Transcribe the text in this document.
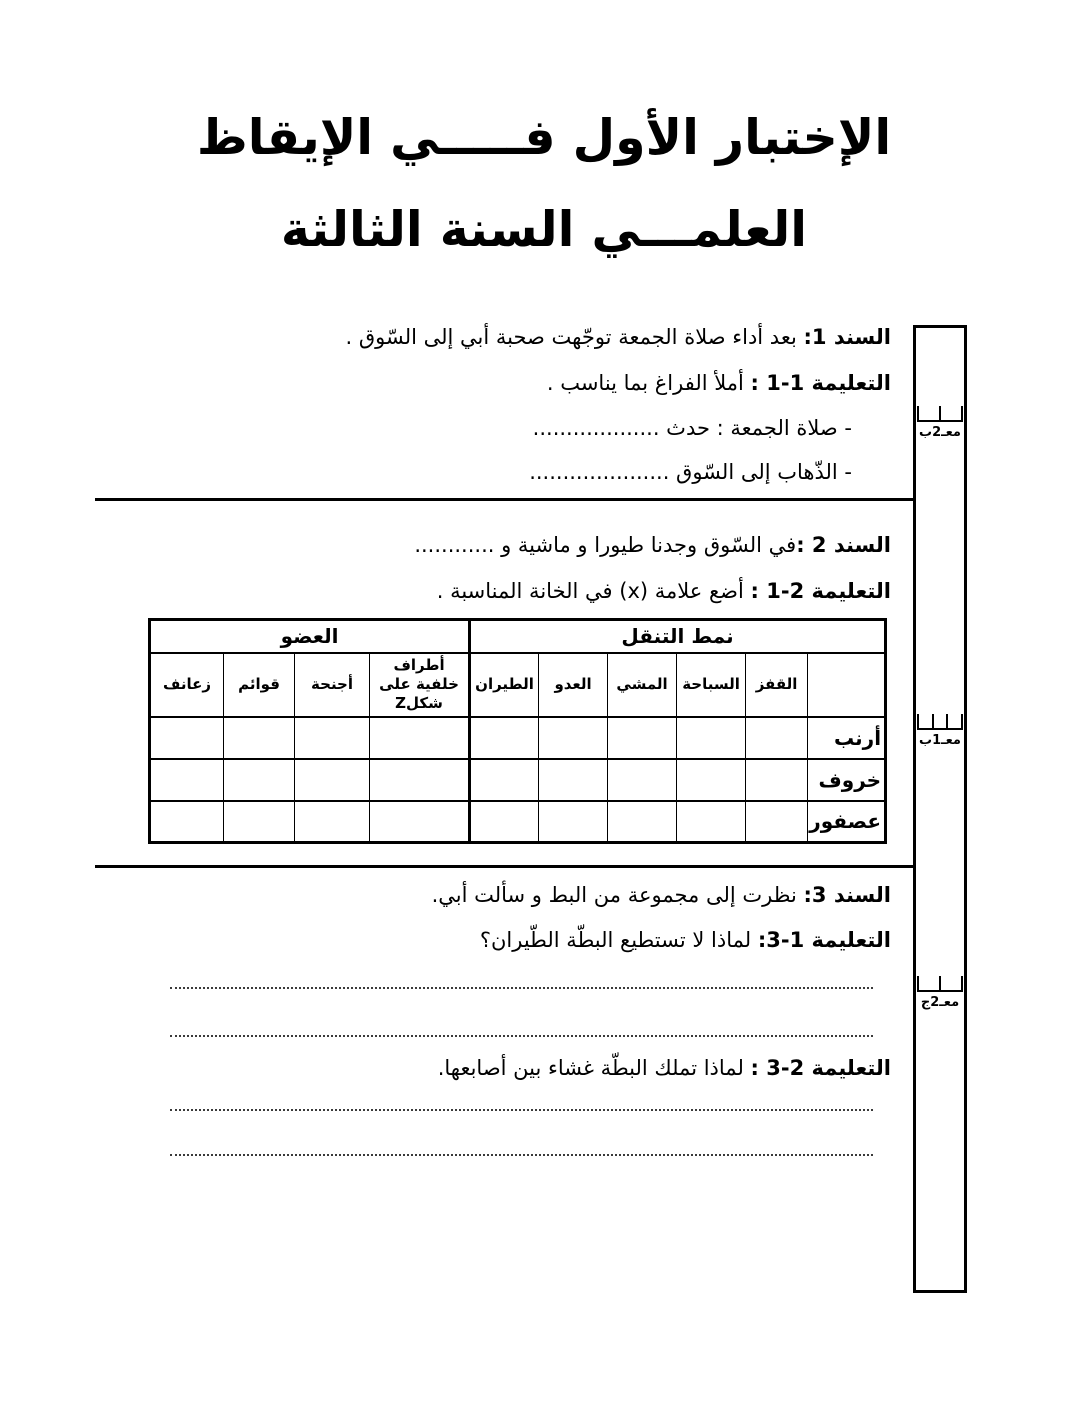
الإختبار الأول فـــــي الإيقاظ
العلمـــي السنة الثالثة
السند 1: بعد أداء صلاة الجمعة توجّهت صحبة أبي إلى السّوق .
التعليمة 1-1 : أملأ الفراغ بما يناسب .
- صلاة الجمعة : حدث ...................
- الذّهاب إلى السّوق .....................
السند 2 :في السّوق وجدنا طيورا و ماشية و ............
التعليمة 2-1 : أضع علامة (x) في الخانة المناسبة .
نمط التنقل						العضو			
	القفز	السباحة	المشي	العدو	الطيران	أطراف خلفية على شكلZ	أجنحة	قوائم	زعانف
أرنب									
خروف									
عصفور									
السند 3: نظرت إلى مجموعة من البط و سألت أبي.
التعليمة 1-3: لماذا لا تستطيع البطّة الطّيران؟
التعليمة 2-3 : لماذا تملك البطّة غشاء بين أصابعها.
معـ2ب
معـ1ب
معـ2ج
